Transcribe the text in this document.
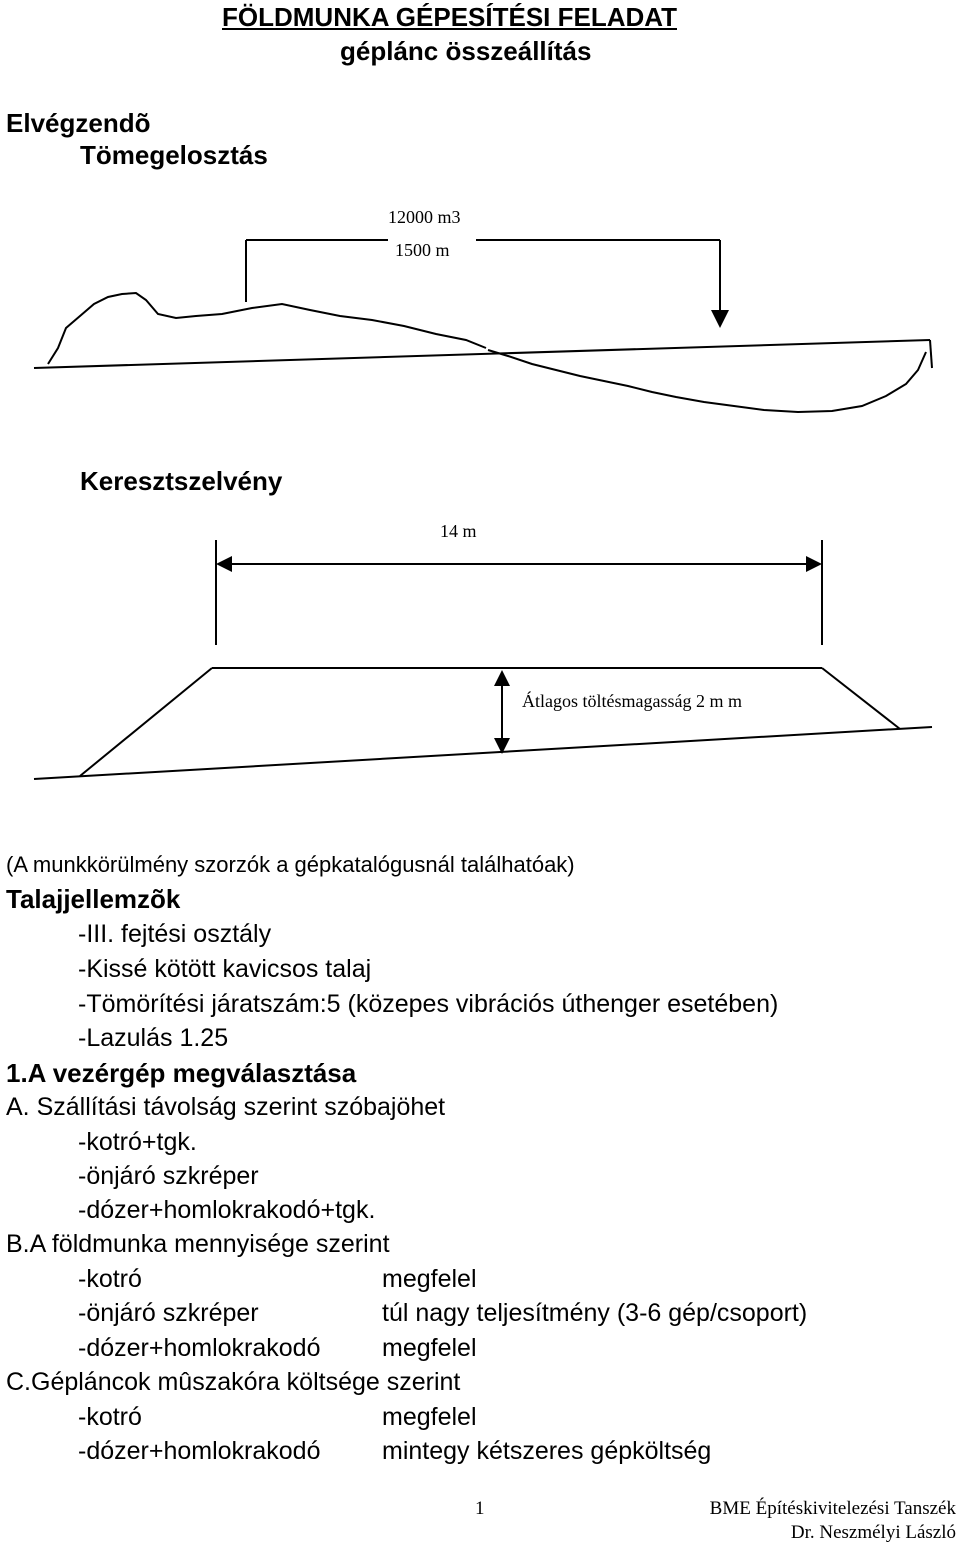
FÖLDMUNKA GÉPESÍTÉSI FELADAT
géplánc összeállítás
Elvégzendõ
Tömegelosztás
12000 m3
1500 m
Keresztszelvény
14 m
Átlagos töltésmagasság 2 m m
(A munkkörülmény szorzók a gépkatalógusnál találhatóak)
Talajjellemzõk
-III. fejtési osztály
-Kissé kötött kavicsos talaj
-Tömörítési járatszám:5 (közepes vibrációs úthenger esetében)
-Lazulás 1.25
1.A vezérgép megválasztása
A. Szállítási távolság szerint szóbajöhet
-kotró+tgk.
-önjáró szkréper
-dózer+homlokrakodó+tgk.
B.A földmunka mennyisége szerint
-kotró	megfelel
-önjáró szkréper	túl nagy teljesítmény (3-6 gép/csoport)
-dózer+homlokrakodó megfelel
C.Gépláncok mûszakóra költsége szerint
-kotró	megfelel
-dózer+homlokrakodó mintegy kétszeres gépköltség
1	BME Építéskivitelezési Tanszék
Dr. Neszmélyi László
